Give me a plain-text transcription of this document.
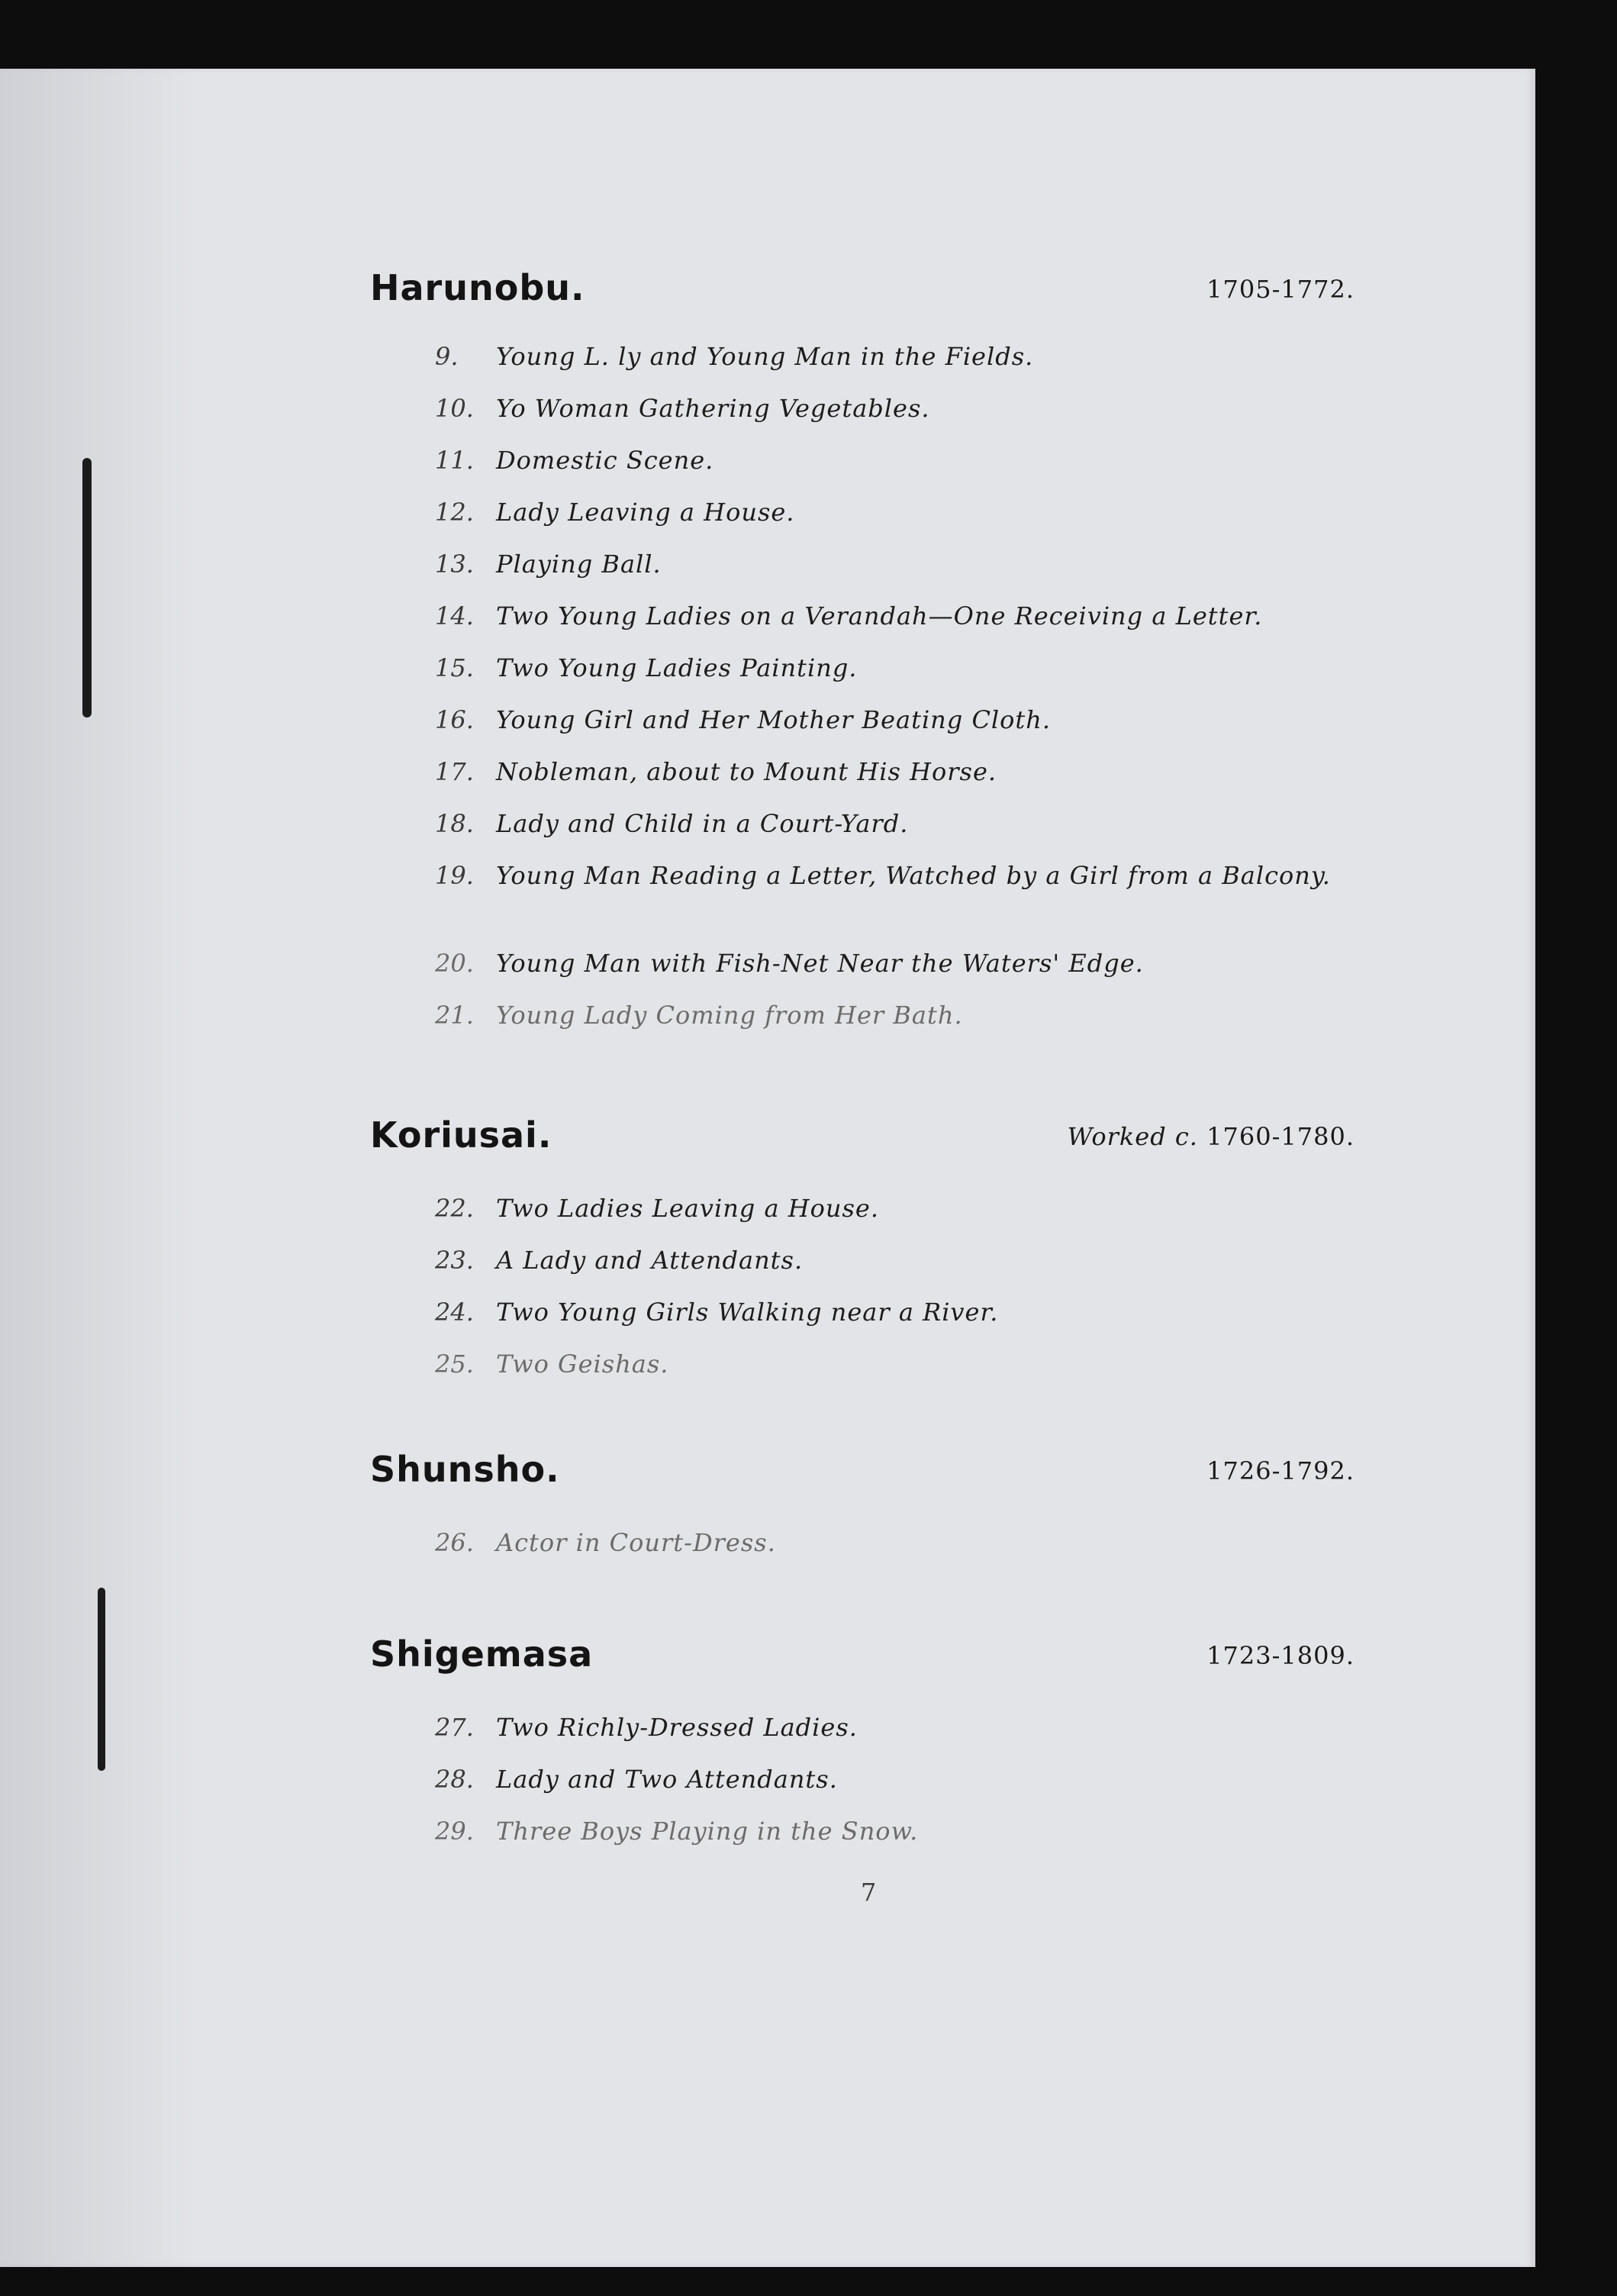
Harunobu.	1705-1772.
9.	Young L. ly and Young Man in the Fields.
10. Yo Woman Gathering Vegetables.
11. Domestic Scene.
12. Lady Leaving a House.
13. Playing Ball.
14. Two Young Ladies on a Verandah—One Receiving a Letter.
15. Two Young Ladies Painting.
16. Young Girl and Her Mother Beating Cloth.
17. Nobleman, about to Mount His Horse.
18. Lady and Child in a Court-Yard.
19. Young Man Reading a Letter, Watched by a Girl from a Balcony.
20. Young Man with Fish-Net Near the Waters' Edge.
21. Young Lady Coming from Her Bath.
Koriusai.	Worked c. 1760-1780.
22. Two Ladies Leaving a House.
23. A Lady and Attendants.
24. Two Young Girls Walking near a River.
25. Two Geishas.
Shunsho.	1726-1792.
26. Actor in Court-Dress.
Shigemasa	1723-1809.
27. Two Richly-Dressed Ladies.
28. Lady and Two Attendants.
29. Three Boys Playing in the Snow.
7
